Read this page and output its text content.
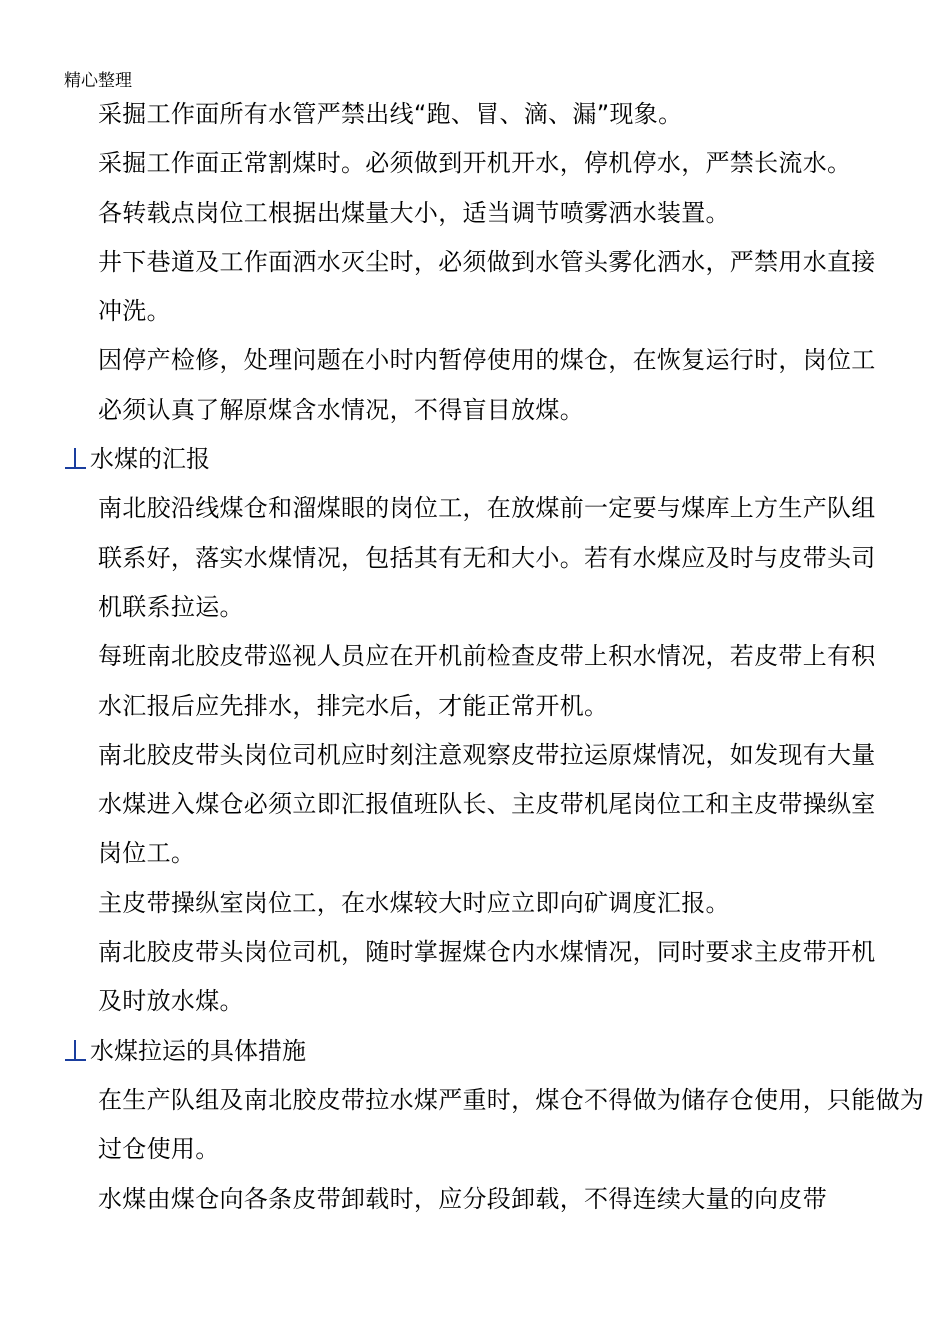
精心整理

采掘工作面所有水管严禁出线“跑、冒、滴、漏”现象。

采掘工作面正常割煤时。必须做到开机开水，停机停水，严禁长流水。

各转载点岗位工根据出煤量大小，适当调节喷雾洒水装置。

井下巷道及工作面洒水灭尘时，必须做到水管头雾化洒水，严禁用水直接冲洗。

因停产检修，处理问题在小时内暂停使用的煤仓，在恢复运行时，岗位工必须认真了解原煤含水情况，不得盲目放煤。

水煤的汇报

南北胶沿线煤仓和溜煤眼的岗位工，在放煤前一定要与煤库上方生产队组联系好，落实水煤情况，包括其有无和大小。若有水煤应及时与皮带头司机联系拉运。

每班南北胶皮带巡视人员应在开机前检查皮带上积水情况，若皮带上有积水汇报后应先排水，排完水后，才能正常开机。

南北胶皮带头岗位司机应时刻注意观察皮带拉运原煤情况，如发现有大量水煤进入煤仓必须立即汇报值班队长、主皮带机尾岗位工和主皮带操纵室岗位工。

主皮带操纵室岗位工，在水煤较大时应立即向矿调度汇报。

南北胶皮带头岗位司机，随时掌握煤仓内水煤情况，同时要求主皮带开机及时放水煤。

水煤拉运的具体措施

在生产队组及南北胶皮带拉水煤严重时，煤仓不得做为储存仓使用，只能做为过仓使用。

水煤由煤仓向各条皮带卸载时，应分段卸载，不得连续大量的向皮带
